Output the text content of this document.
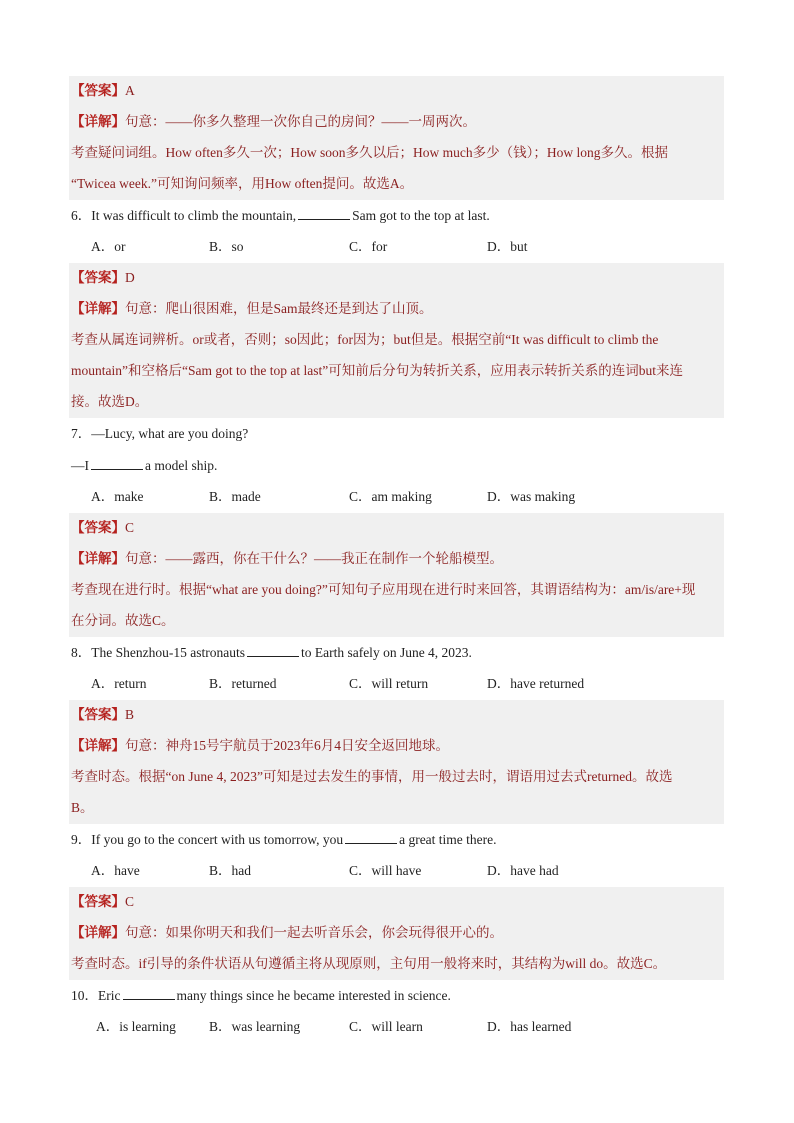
【答案】A
【详解】句意：——你多久整理一次你自己的房间？——一周两次。
考查疑问词组。How often多久一次；How soon多久以后；How much多少（钱）；How long多久。根据
“Twicea week.”可知询问频率，用How often提问。故选A。
6．It was difficult to climb the mountain,	Sam got to the top at last.
A．or	B．so	C．for	D．but
【答案】D
【详解】句意：爬山很困难，但是Sam最终还是到达了山顶。
考查从属连词辨析。or或者，否则；so因此；for因为；but但是。根据空前“It was difficult to climb the
mountain”和空格后“Sam got to the top at last”可知前后分句为转折关系，应用表示转折关系的连词but来连
接。故选D。
7．—Lucy, what are you doing?
—I	a model ship.
A．make	B．made	C．am making	D．was making
【答案】C
【详解】句意：——露西，你在干什么？——我正在制作一个轮船模型。
考查现在进行时。根据“what are you doing?”可知句子应用现在进行时来回答，其谓语结构为：am/is/are+现
在分词。故选C。
8．The Shenzhou-15 astronauts	to Earth safely on June 4, 2023.
A．return	B．returned	C．will return	D．have returned
【答案】B
【详解】句意：神舟15号宇航员于2023年6月4日安全返回地球。
考查时态。根据“on June 4, 2023”可知是过去发生的事情，用一般过去时，谓语用过去式returned。故选
B。
9．If you go to the concert with us tomorrow, you	a great time there.
A．have	B．had	C．will have	D．have had
【答案】C
【详解】句意：如果你明天和我们一起去听音乐会，你会玩得很开心的。
考查时态。if引导的条件状语从句遵循主将从现原则，主句用一般将来时，其结构为will do。故选C。
10．Eric	many things since he became interested in science.
A．is learning B．was learning	C．will learn	D．has learned
